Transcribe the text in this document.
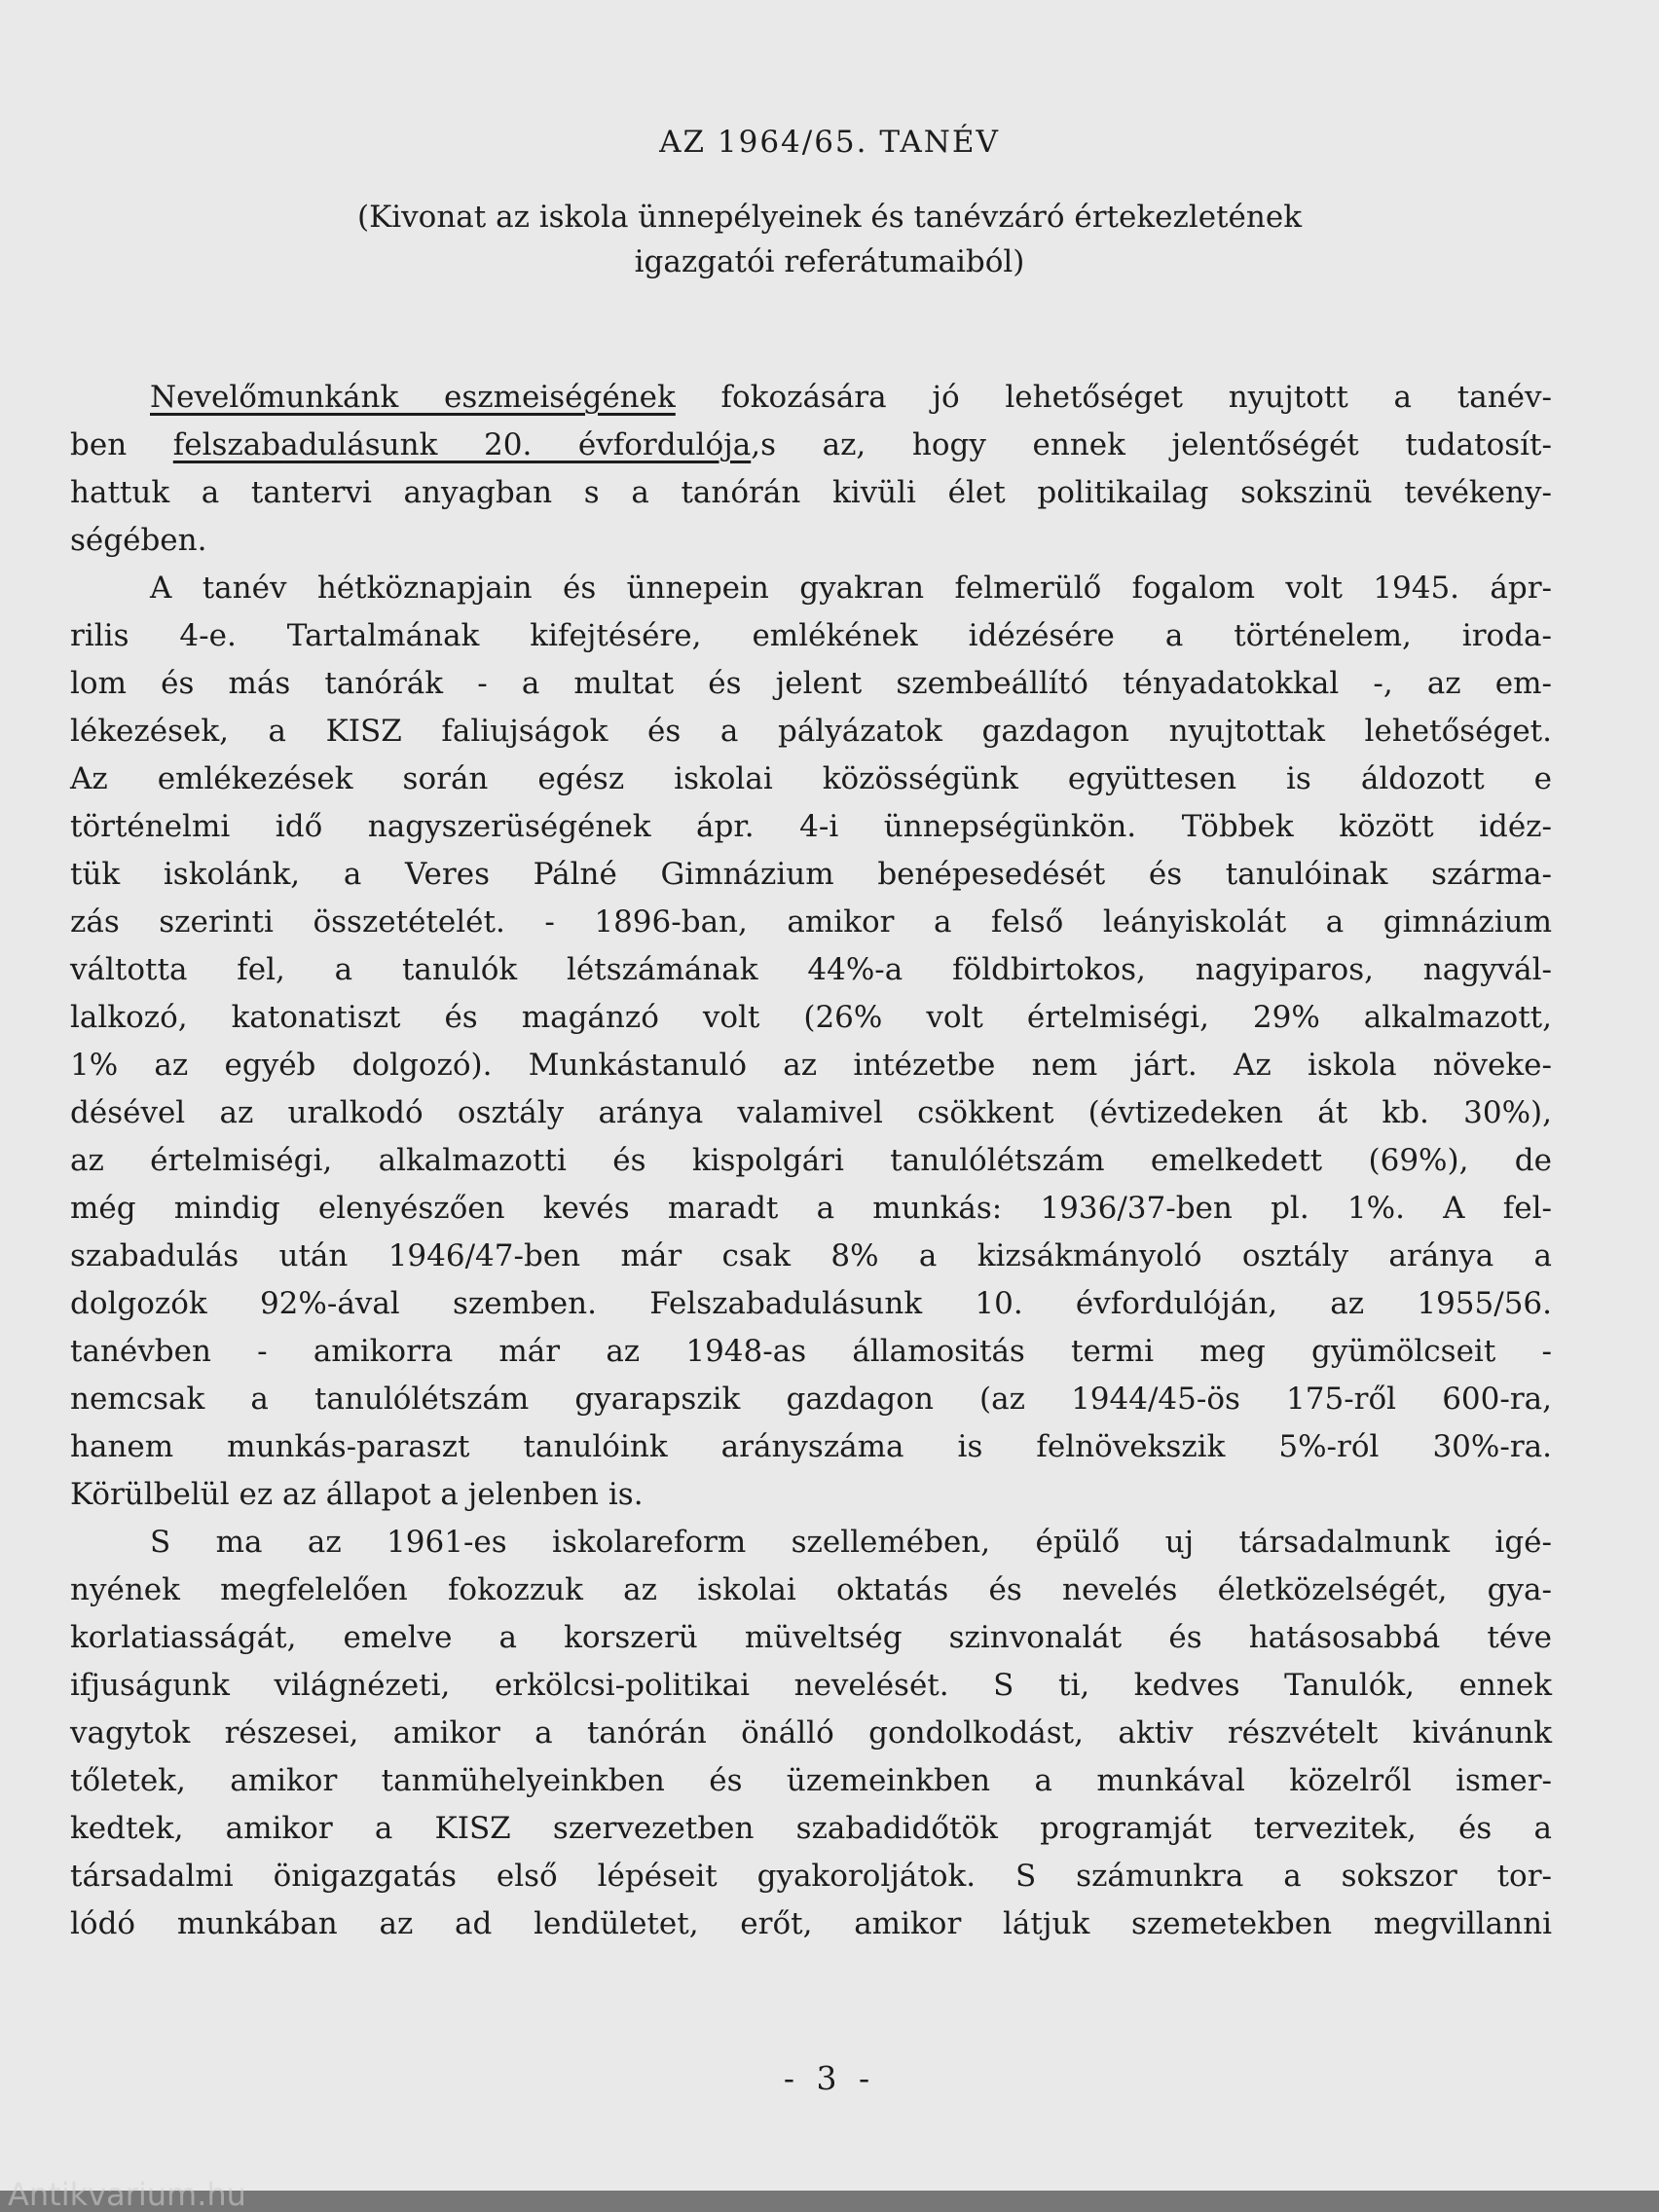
AZ 1964/65. TANÉV
(Kivonat az iskola ünnepélyeinek és tanévzáró értekezletének
igazgatói referátumaiból)
Nevelőmunkánk eszmeiségének fokozására jó lehetőséget nyujtott a tanév-
ben felszabadulásunk 20. évfordulója,s az, hogy ennek jelentőségét tudatosít-
hattuk a tantervi anyagban s a tanórán kivüli élet politikailag sokszinü tevékeny-
ségében.
A tanév hétköznapjain és ünnepein gyakran felmerülő fogalom volt 1945. ápr-
rilis 4-e. Tartalmának kifejtésére, emlékének idézésére a történelem, iroda-
lom és más tanórák - a multat és jelent szembeállító tényadatokkal -, az em-
lékezések, a KISZ faliujságok és a pályázatok gazdagon nyujtottak lehetőséget.
Az emlékezések során egész iskolai közösségünk együttesen is áldozott e
történelmi idő nagyszerüségének ápr. 4-i ünnepségünkön. Többek között idéz-
tük iskolánk, a Veres Pálné Gimnázium benépesedését és tanulóinak szárma-
zás szerinti összetételét. - 1896-ban, amikor a felső leányiskolát a gimnázium
váltotta fel, a tanulók létszámának 44%-a földbirtokos, nagyiparos, nagyvál-
lalkozó, katonatiszt és magánzó volt (26% volt értelmiségi, 29% alkalmazott,
1% az egyéb dolgozó). Munkástanuló az intézetbe nem járt. Az iskola növeke-
désével az uralkodó osztály aránya valamivel csökkent (évtizedeken át kb. 30%),
az értelmiségi, alkalmazotti és kispolgári tanulólétszám emelkedett (69%), de
még mindig elenyészően kevés maradt a munkás: 1936/37-ben pl. 1%. A fel-
szabadulás után 1946/47-ben már csak 8% a kizsákmányoló osztály aránya a
dolgozók 92%-ával szemben. Felszabadulásunk 10. évfordulóján, az 1955/56.
tanévben - amikorra már az 1948-as államositás termi meg gyümölcseit -
nemcsak a tanulólétszám gyarapszik gazdagon (az 1944/45-ös 175-ről 600-ra,
hanem munkás-paraszt tanulóink arányszáma is felnövekszik 5%-ról 30%-ra.
Körülbelül ez az állapot a jelenben is.
S ma az 1961-es iskolareform szellemében, épülő uj társadalmunk igé-
nyének megfelelően fokozzuk az iskolai oktatás és nevelés életközelségét, gya-
korlatiasságát, emelve a korszerü müveltség szinvonalát és hatásosabbá téve
ifjuságunk világnézeti, erkölcsi-politikai nevelését. S ti, kedves Tanulók, ennek
vagytok részesei, amikor a tanórán önálló gondolkodást, aktiv részvételt kivánunk
tőletek, amikor tanmühelyeinkben és üzemeinkben a munkával közelről ismer-
kedtek, amikor a KISZ szervezetben szabadidőtök programját tervezitek, és a
társadalmi önigazgatás első lépéseit gyakoroljátok. S számunkra a sokszor tor-
lódó munkában az ad lendületet, erőt, amikor látjuk szemetekben megvillanni
- 3 -
Antikvarium.hu
